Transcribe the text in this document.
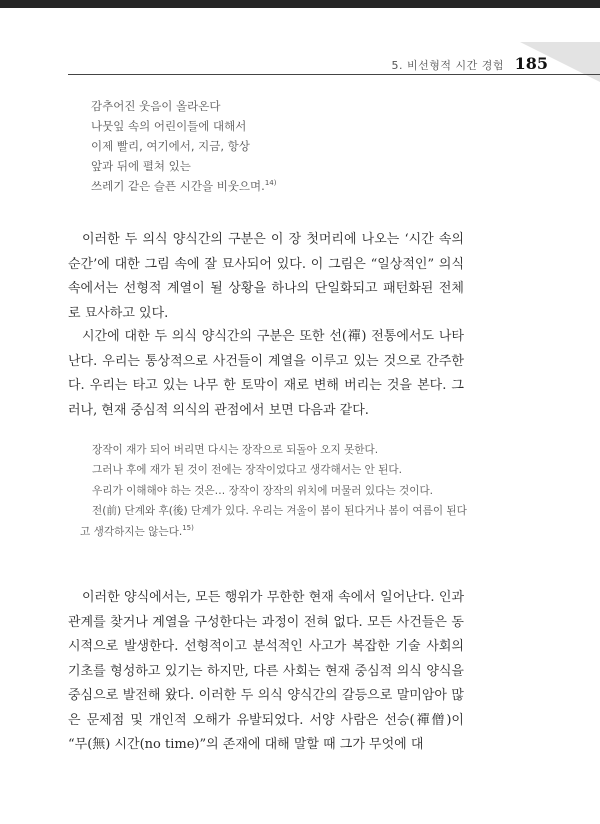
5. 비선형적 시간 경험 185
감추어진 웃음이 올라온다
나뭇잎 속의 어린이들에 대해서
이제 빨리, 여기에서, 지금, 항상
앞과 뒤에 펼쳐 있는
쓰레기 같은 슬픈 시간을 비웃으며.$^{14)}$
이러한 두 의식 양식간의 구분은 이 장 첫머리에 나오는 ‘시간 속의 순간’에 대한 그림 속에 잘 묘사되어 있다. 이 그림은 “일상적인” 의식 속에서는 선형적 계열이 될 상황을 하나의 단일화되고 패턴화된 전체로 묘사하고 있다.
시간에 대한 두 의식 양식간의 구분은 또한 선(禪) 전통에서도 나타난다. 우리는 통상적으로 사건들이 계열을 이루고 있는 것으로 간주한다. 우리는 타고 있는 나무 한 토막이 재로 변해 버리는 것을 본다. 그러나, 현재 중심적 의식의 관점에서 보면 다음과 같다.

장작이 재가 되어 버리면 다시는 장작으로 되돌아 오지 못한다.

그러나 후에 재가 된 것이 전에는 장작이었다고 생각해서는 안 된다.

우리가 이해해야 하는 것은… 장작이 장작의 위치에 머물러 있다는 것이다.

전(前) 단계와 후(後) 단계가 있다. 우리는 겨울이 봄이 된다거나 봄이 여름이 된다고 생각하지는 않는다.$^{15)}$

이러한 양식에서는, 모든 행위가 무한한 현재 속에서 일어난다. 인과관계를 찾거나 계열을 구성한다는 과정이 전혀 없다. 모든 사건들은 동시적으로 발생한다. 선형적이고 분석적인 사고가 복잡한 기술 사회의 기초를 형성하고 있기는 하지만, 다른 사회는 현재 중심적 의식 양식을 중심으로 발전해 왔다. 이러한 두 의식 양식간의 갈등으로 말미암아 많은 문제점 및 개인적 오해가 유발되었다. 서양 사람은 선승(禪僧)이 “무(無) 시간(no time)”의 존재에 대해 말할 때 그가 무엇에 대
